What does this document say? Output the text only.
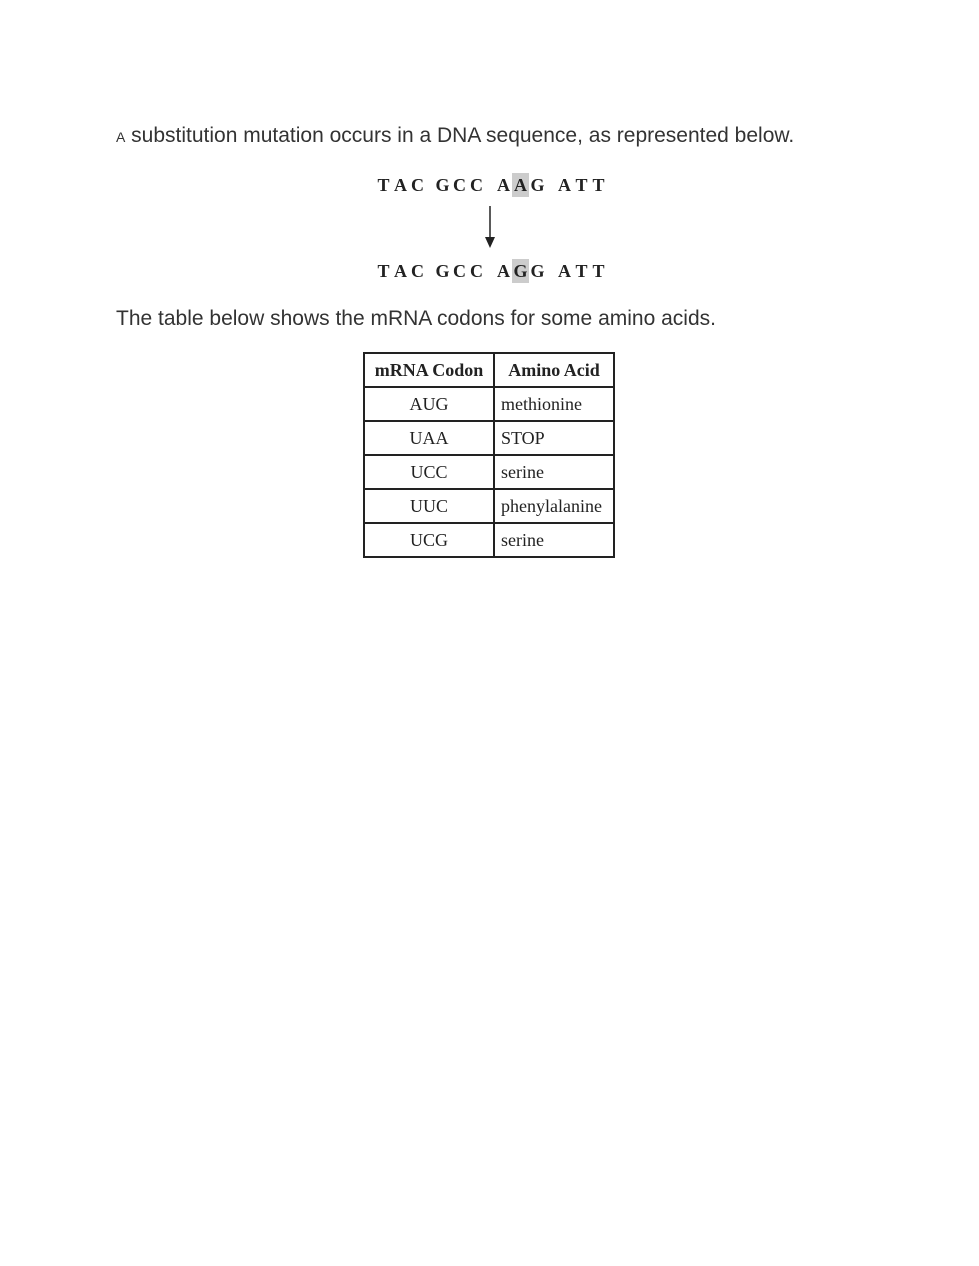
A substitution mutation occurs in a DNA sequence, as represented below.
T A C G C C A A G A T T
T A C G C C A G G A T T
The table below shows the mRNA codons for some amino acids.
mRNA Codon	Amino Acid
AUG	methionine
UAA	STOP
UCC	serine
UUC	phenylalanine
UCG	serine
